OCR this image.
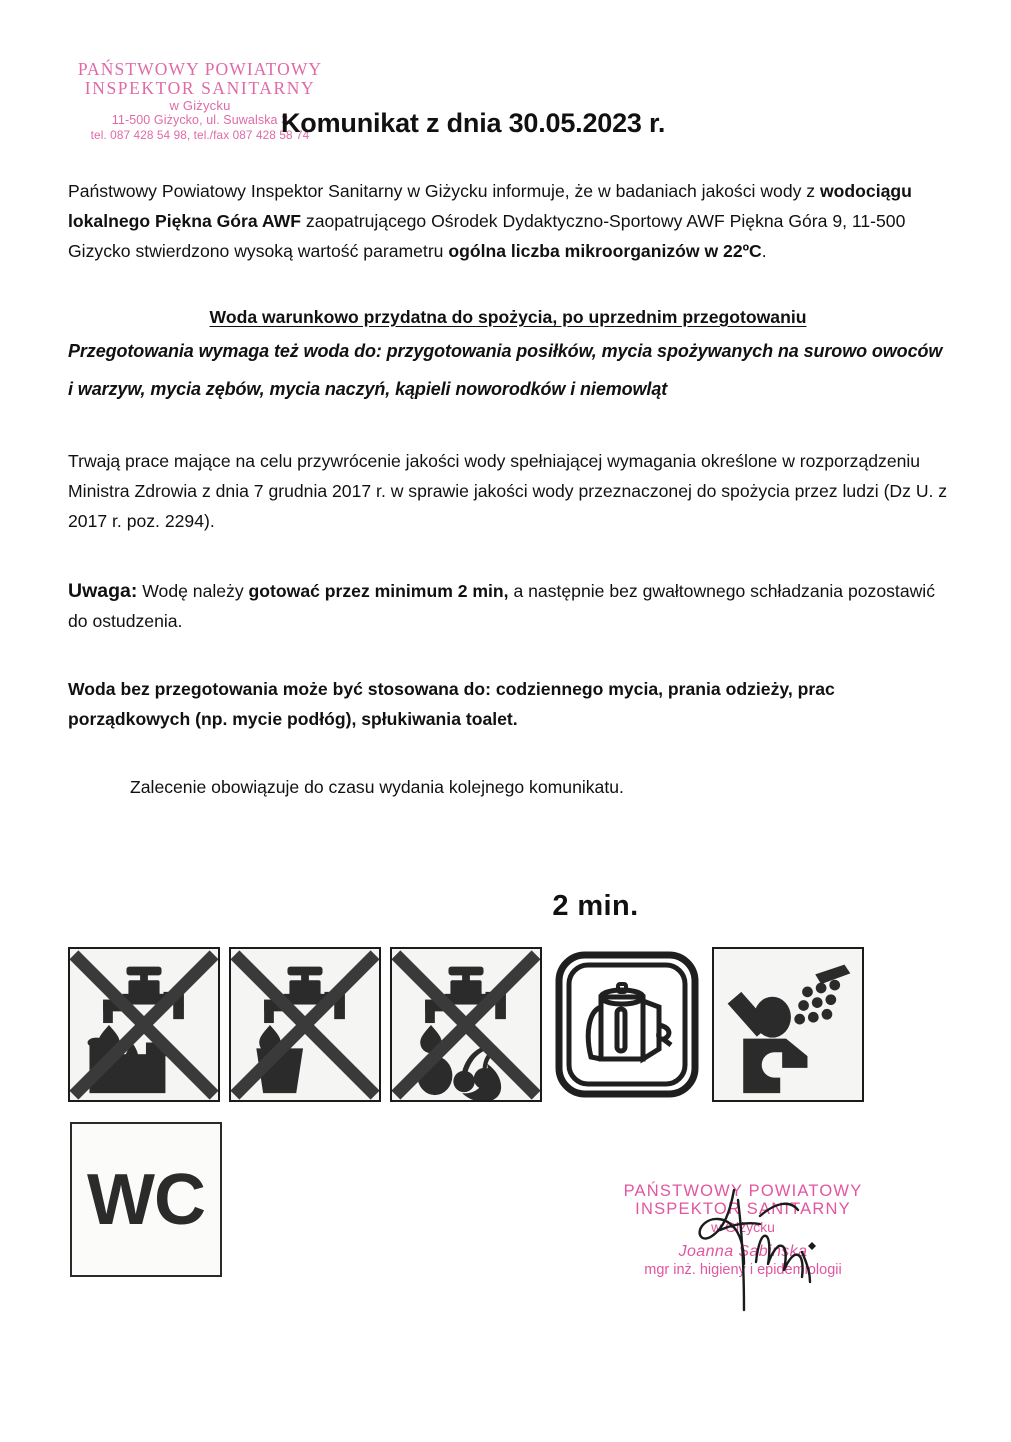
PAŃSTWOWY POWIATOWY
INSPEKTOR SANITARNY
w Giżycku
11-500 Giżycko, ul. Suwalska 3
tel. 087 428 54 98, tel./fax 087 428 58 74
Komunikat z dnia 30.05.2023 r.

Państwowy Powiatowy Inspektor Sanitarny w Giżycku informuje, że w badaniach jakości wody z wodociągu lokalnego Piękna Góra AWF zaopatrującego Ośrodek Dydaktyczno-Sportowy AWF Piękna Góra 9, 11-500 Gizycko stwierdzono wysoką wartość parametru ogólna liczba mikroorganizów w 22ºC.

Woda warunkowo przydatna do spożycia, po uprzednim przegotowaniu

Przegotowania wymaga też woda do: przygotowania posiłków, mycia spożywanych na surowo owoców i warzyw, mycia zębów, mycia naczyń, kąpieli noworodków i niemowląt

Trwają prace mające na celu przywrócenie jakości wody spełniającej wymagania określone w rozporządzeniu Ministra Zdrowia z dnia 7 grudnia 2017 r. w sprawie jakości wody przeznaczonej do spożycia przez ludzi (Dz U. z 2017 r. poz. 2294).

Uwaga: Wodę należy gotować przez minimum 2 min, a następnie bez gwałtownego schładzania pozostawić do ostudzenia.

Woda bez przegotowania może być stosowana do: codziennego mycia, prania odzieży, prac porządkowych (np. mycie podłóg), spłukiwania toalet.

Zalecenie obowiązuje do czasu wydania kolejnego komunikatu.

2 min.
WC	PAŃSTWOWY POWIATOWY
INSPEKTOR SANITARNY
w Giżycku
Joanna Sabińska
mgr inż. higieny i epidemiologii
